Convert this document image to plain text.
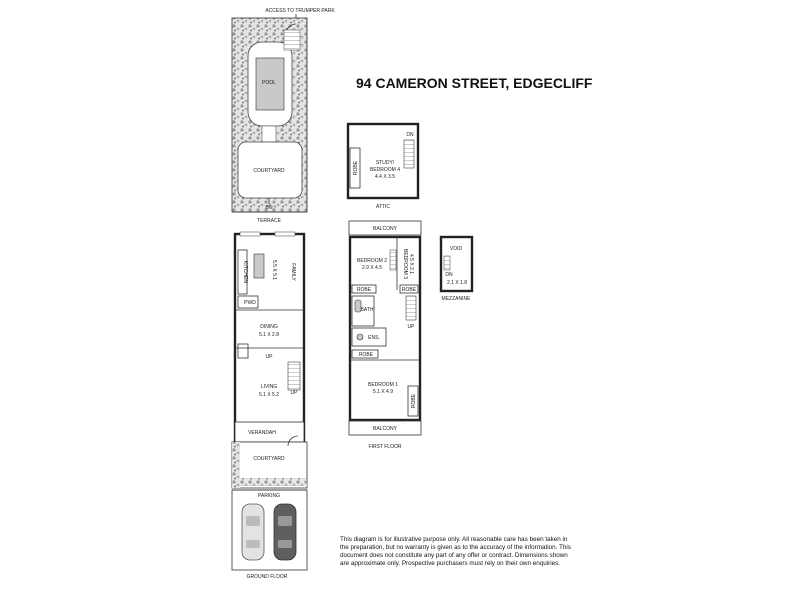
94 CAMERON STREET, EDGECLIFF
ACCESS TO TRUMPER PARK
POOL
COURTYARD
DN
TERRACE
KITCHEN	5.5 X 5.1	FAMILY
PWD
DINING
5.1 X 2.8
UP
LIVING
5.1 X 5.2 UP
VERANDAH
COURTYARD
PARKING
GROUND FLOOR
DN
ROBE	STUDY/
BEDROOM 4
4.4 X 3.5
ATTIC
BALCONY
BEDROOM 2
2.9 X 4.5	BEDROOM 3 4.5 X 2.1
ROBE	ROBE
BATH
UP
ENS.
ROBE
BEDROOM 1
5.1 X 4.9
ROBE
BALCONY
FIRST FLOOR
VOID
DN
2.1 X 1.8
MEZZANINE
This diagram is for illustrative purpose only. All reasonable care has been taken in
the preparation, but no warranty is given as to the accuracy of the information. This
document does not constitute any part of any offer or contract. Dimensions shown
are approximate only. Prospective purchasers must rely on their own enquiries.
